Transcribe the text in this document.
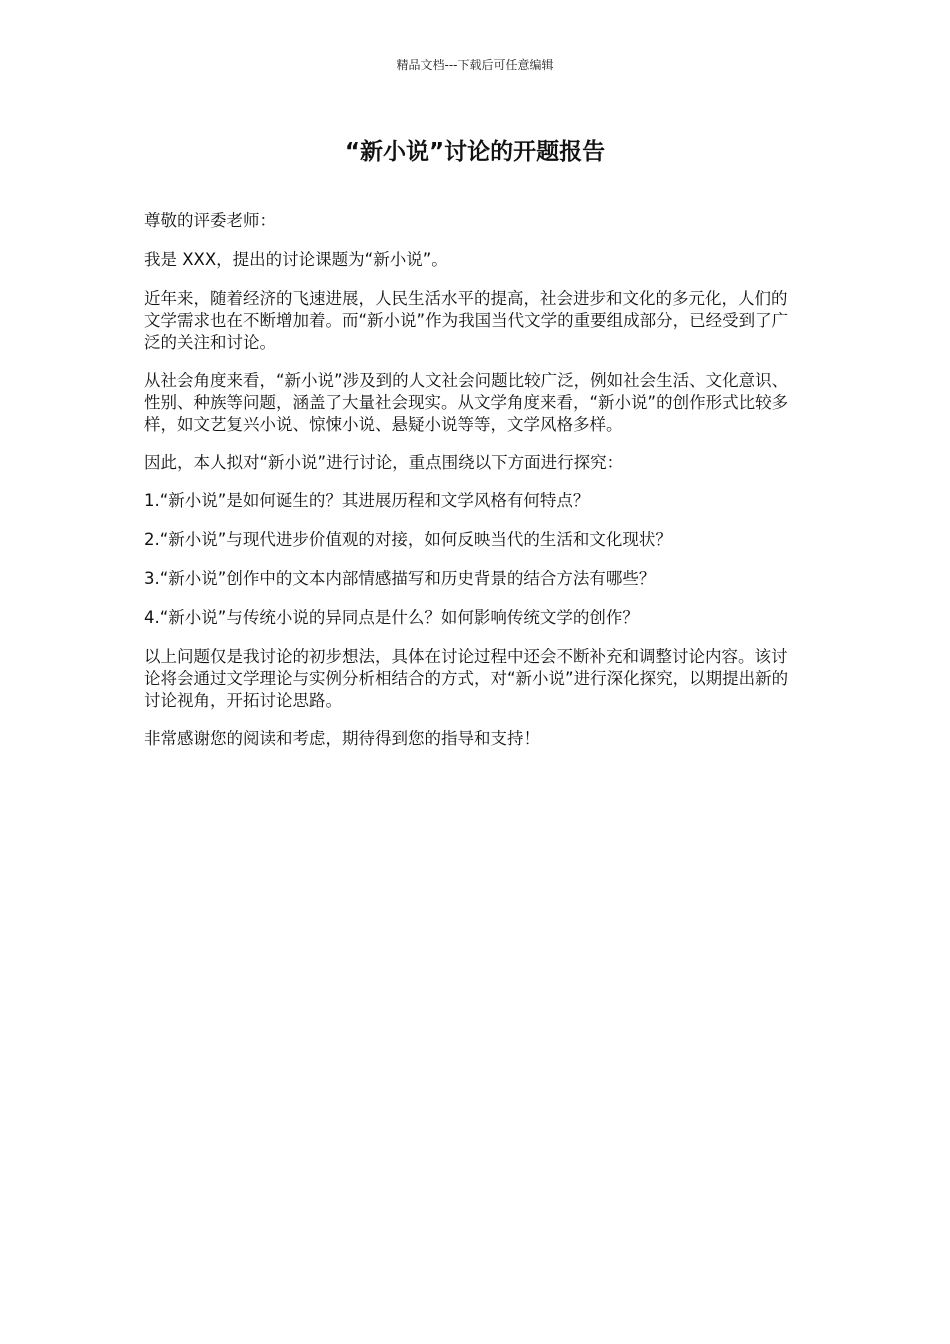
精品文档---下载后可任意编辑
“新小说”讨论的开题报告

尊敬的评委老师：

我是 XXX，提出的讨论课题为“新小说”。

近年来，随着经济的飞速进展，人民生活水平的提高，社会进步和文化的多元化，人们的文学需求也在不断增加着。而“新小说”作为我国当代文学的重要组成部分，已经受到了广泛的关注和讨论。

从社会角度来看，“新小说”涉及到的人文社会问题比较广泛，例如社会生活、文化意识、性别、种族等问题，涵盖了大量社会现实。从文学角度来看，“新小说”的创作形式比较多样，如文艺复兴小说、惊悚小说、悬疑小说等等，文学风格多样。

因此，本人拟对“新小说”进行讨论，重点围绕以下方面进行探究：

1.“新小说”是如何诞生的？其进展历程和文学风格有何特点？

2.“新小说”与现代进步价值观的对接，如何反映当代的生活和文化现状？

3.“新小说”创作中的文本内部情感描写和历史背景的结合方法有哪些？

4.“新小说”与传统小说的异同点是什么？如何影响传统文学的创作？

以上问题仅是我讨论的初步想法，具体在讨论过程中还会不断补充和调整讨论内容。该讨论将会通过文学理论与实例分析相结合的方式，对“新小说”进行深化探究，以期提出新的讨论视角，开拓讨论思路。

非常感谢您的阅读和考虑，期待得到您的指导和支持！
